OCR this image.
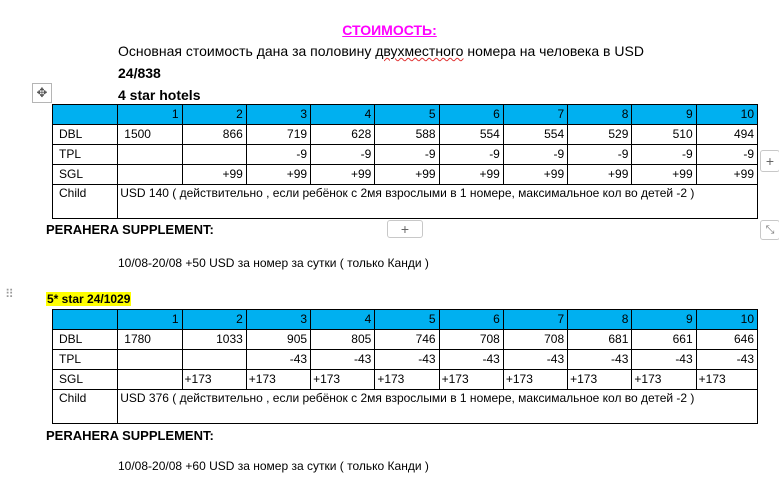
СТОИМОСТЬ:
Основная стоимость дана за половину двухместного номера на человека в USD
24/838
4 star hotels
✥
	1	2	3	4	5	6	7	8	9	10
DBL	1500	866	719	628	588	554	554	529	510	494
TPL			-9	-9	-9	-9	-9	-9	-9	-9
SGL		+99	+99	+99	+99	+99	+99	+99	+99	+99
Child	USD 140 ( действительно , если ребёнок с 2мя взрослыми в 1 номере, максимальное кол во детей -2 )									
+
+	⤡
PERAHERA SUPPLEMENT:
10/08-20/08 +50 USD за номер за сутки ( только Канди )
⠿	5* star 24/1029
	1	2	3	4	5	6	7	8	9	10
DBL	1780	1033	905	805	746	708	708	681	661	646
TPL			-43	-43	-43	-43	-43	-43	-43	-43
SGL		+173	+173	+173	+173	+173	+173	+173	+173	+173
Child	USD 376 ( действительно , если ребёнок с 2мя взрослыми в 1 номере, максимальное кол во детей -2 )									
PERAHERA SUPPLEMENT:
10/08-20/08 +60 USD за номер за сутки ( только Канди )
